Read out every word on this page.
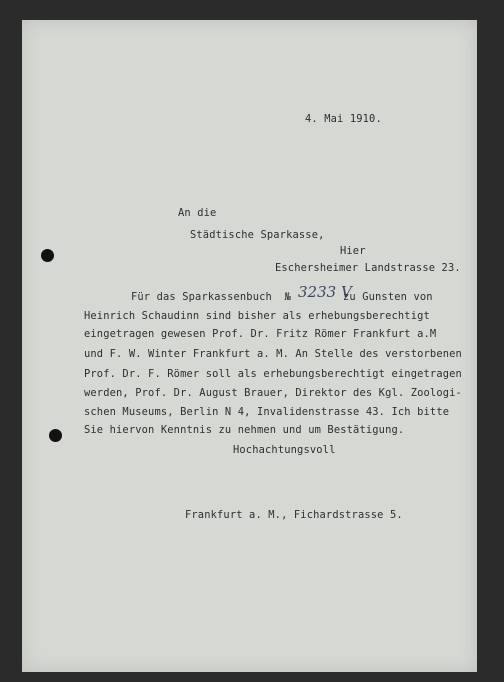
4. Mai 1910.
An die
Städtische Sparkasse,
Hier
Eschersheimer Landstrasse 23.
Für das Sparkassenbuch  № 3233 V
zu Gunsten von
Heinrich Schaudinn sind bisher als erhebungsberechtigt
eingetragen gewesen Prof. Dr. Fritz Römer Frankfurt a.M
und F. W. Winter Frankfurt a. M. An Stelle des verstorbenen
Prof. Dr. F. Römer soll als erhebungsberechtigt eingetragen
werden, Prof. Dr. August Brauer, Direktor des Kgl. Zoologi-
schen Museums, Berlin N 4, Invalidenstrasse 43. Ich bitte
Sie hiervon Kenntnis zu nehmen und um Bestätigung.
Hochachtungsvoll
Frankfurt a. M., Fichardstrasse 5.
